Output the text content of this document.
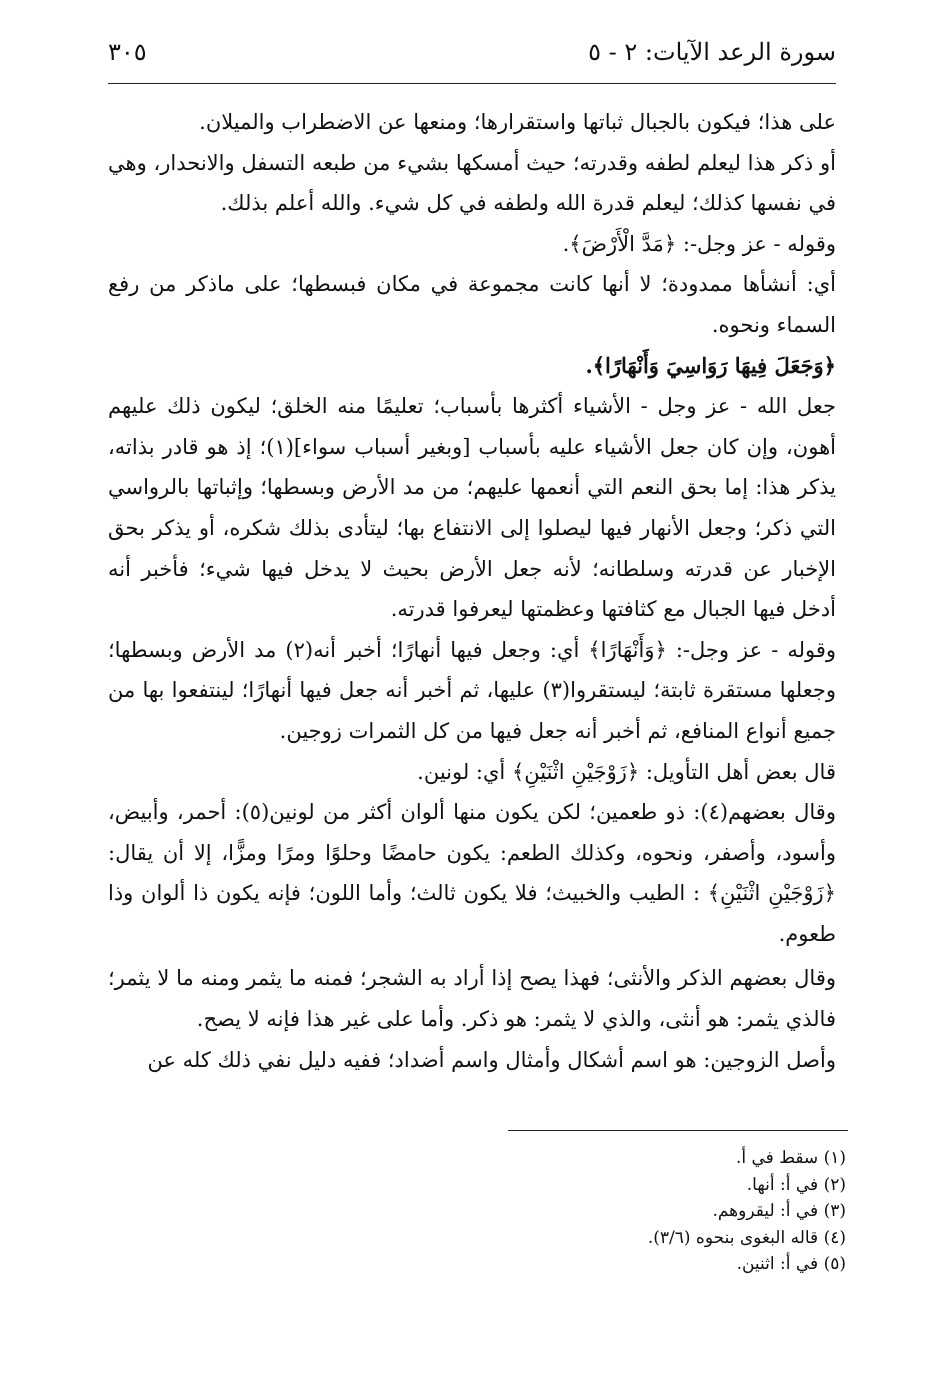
سورة الرعد الآيات: ٢ - ٥
٣٠٥

على هذا؛ فيكون بالجبال ثباتها واستقرارها؛ ومنعها عن الاضطراب والميلان.

أو ذكر هذا ليعلم لطفه وقدرته؛ حيث أمسكها بشيء من طبعه التسفل والانحدار، وهي في نفسها كذلك؛ ليعلم قدرة الله ولطفه في كل شيء. والله أعلم بذلك.

وقوله - عز وجل-: ﴿مَدَّ الْأَرْضَ﴾.

أي: أنشأها ممدودة؛ لا أنها كانت مجموعة في مكان فبسطها؛ على ماذكر من رفع السماء ونحوه.

﴿وَجَعَلَ فِيهَا رَوَاسِيَ وَأَنْهَارًا﴾.

جعل الله - عز وجل - الأشياء أكثرها بأسباب؛ تعليمًا منه الخلق؛ ليكون ذلك عليهم أهون، وإن كان جعل الأشياء عليه بأسباب [وبغير أسباب سواء](١)؛ إذ هو قادر بذاته، يذكر هذا: إما بحق النعم التي أنعمها عليهم؛ من مد الأرض وبسطها؛ وإثباتها بالرواسي التي ذكر؛ وجعل الأنهار فيها ليصلوا إلى الانتفاع بها؛ ليتأدى بذلك شكره، أو يذكر بحق الإخبار عن قدرته وسلطانه؛ لأنه جعل الأرض بحيث لا يدخل فيها شيء؛ فأخبر أنه أدخل فيها الجبال مع كثافتها وعظمتها ليعرفوا قدرته.

وقوله - عز وجل-: ﴿وَأَنْهَارًا﴾ أي: وجعل فيها أنهارًا؛ أخبر أنه(٢) مد الأرض وبسطها؛ وجعلها مستقرة ثابتة؛ ليستقروا(٣) عليها، ثم أخبر أنه جعل فيها أنهارًا؛ لينتفعوا بها من جميع أنواع المنافع، ثم أخبر أنه جعل فيها من كل الثمرات زوجين.

قال بعض أهل التأويل: ﴿زَوْجَيْنِ اثْنَيْنِ﴾ أي: لونين.

وقال بعضهم(٤): ذو طعمين؛ لكن يكون منها ألوان أكثر من لونين(٥): أحمر، وأبيض، وأسود، وأصفر، ونحوه، وكذلك الطعم: يكون حامضًا وحلوًا ومرًا ومزًّا، إلا أن يقال: ﴿زَوْجَيْنِ اثْنَيْنِ﴾ : الطيب والخبيث؛ فلا يكون ثالث؛ وأما اللون؛ فإنه يكون ذا ألوان وذا طعوم.

وقال بعضهم الذكر والأنثى؛ فهذا يصح إذا أراد به الشجر؛ فمنه ما يثمر ومنه ما لا يثمر؛ فالذي يثمر: هو أنثى، والذي لا يثمر: هو ذكر. وأما على غير هذا فإنه لا يصح.

وأصل الزوجين: هو اسم أشكال وأمثال واسم أضداد؛ ففيه دليل نفي ذلك كله عن

(١) سقط في أ.
(٢) في أ: أنها.
(٣) في أ: ليقروهم.
(٤) قاله البغوى بنحوه (٣/٦).
(٥) في أ: اثنين.
